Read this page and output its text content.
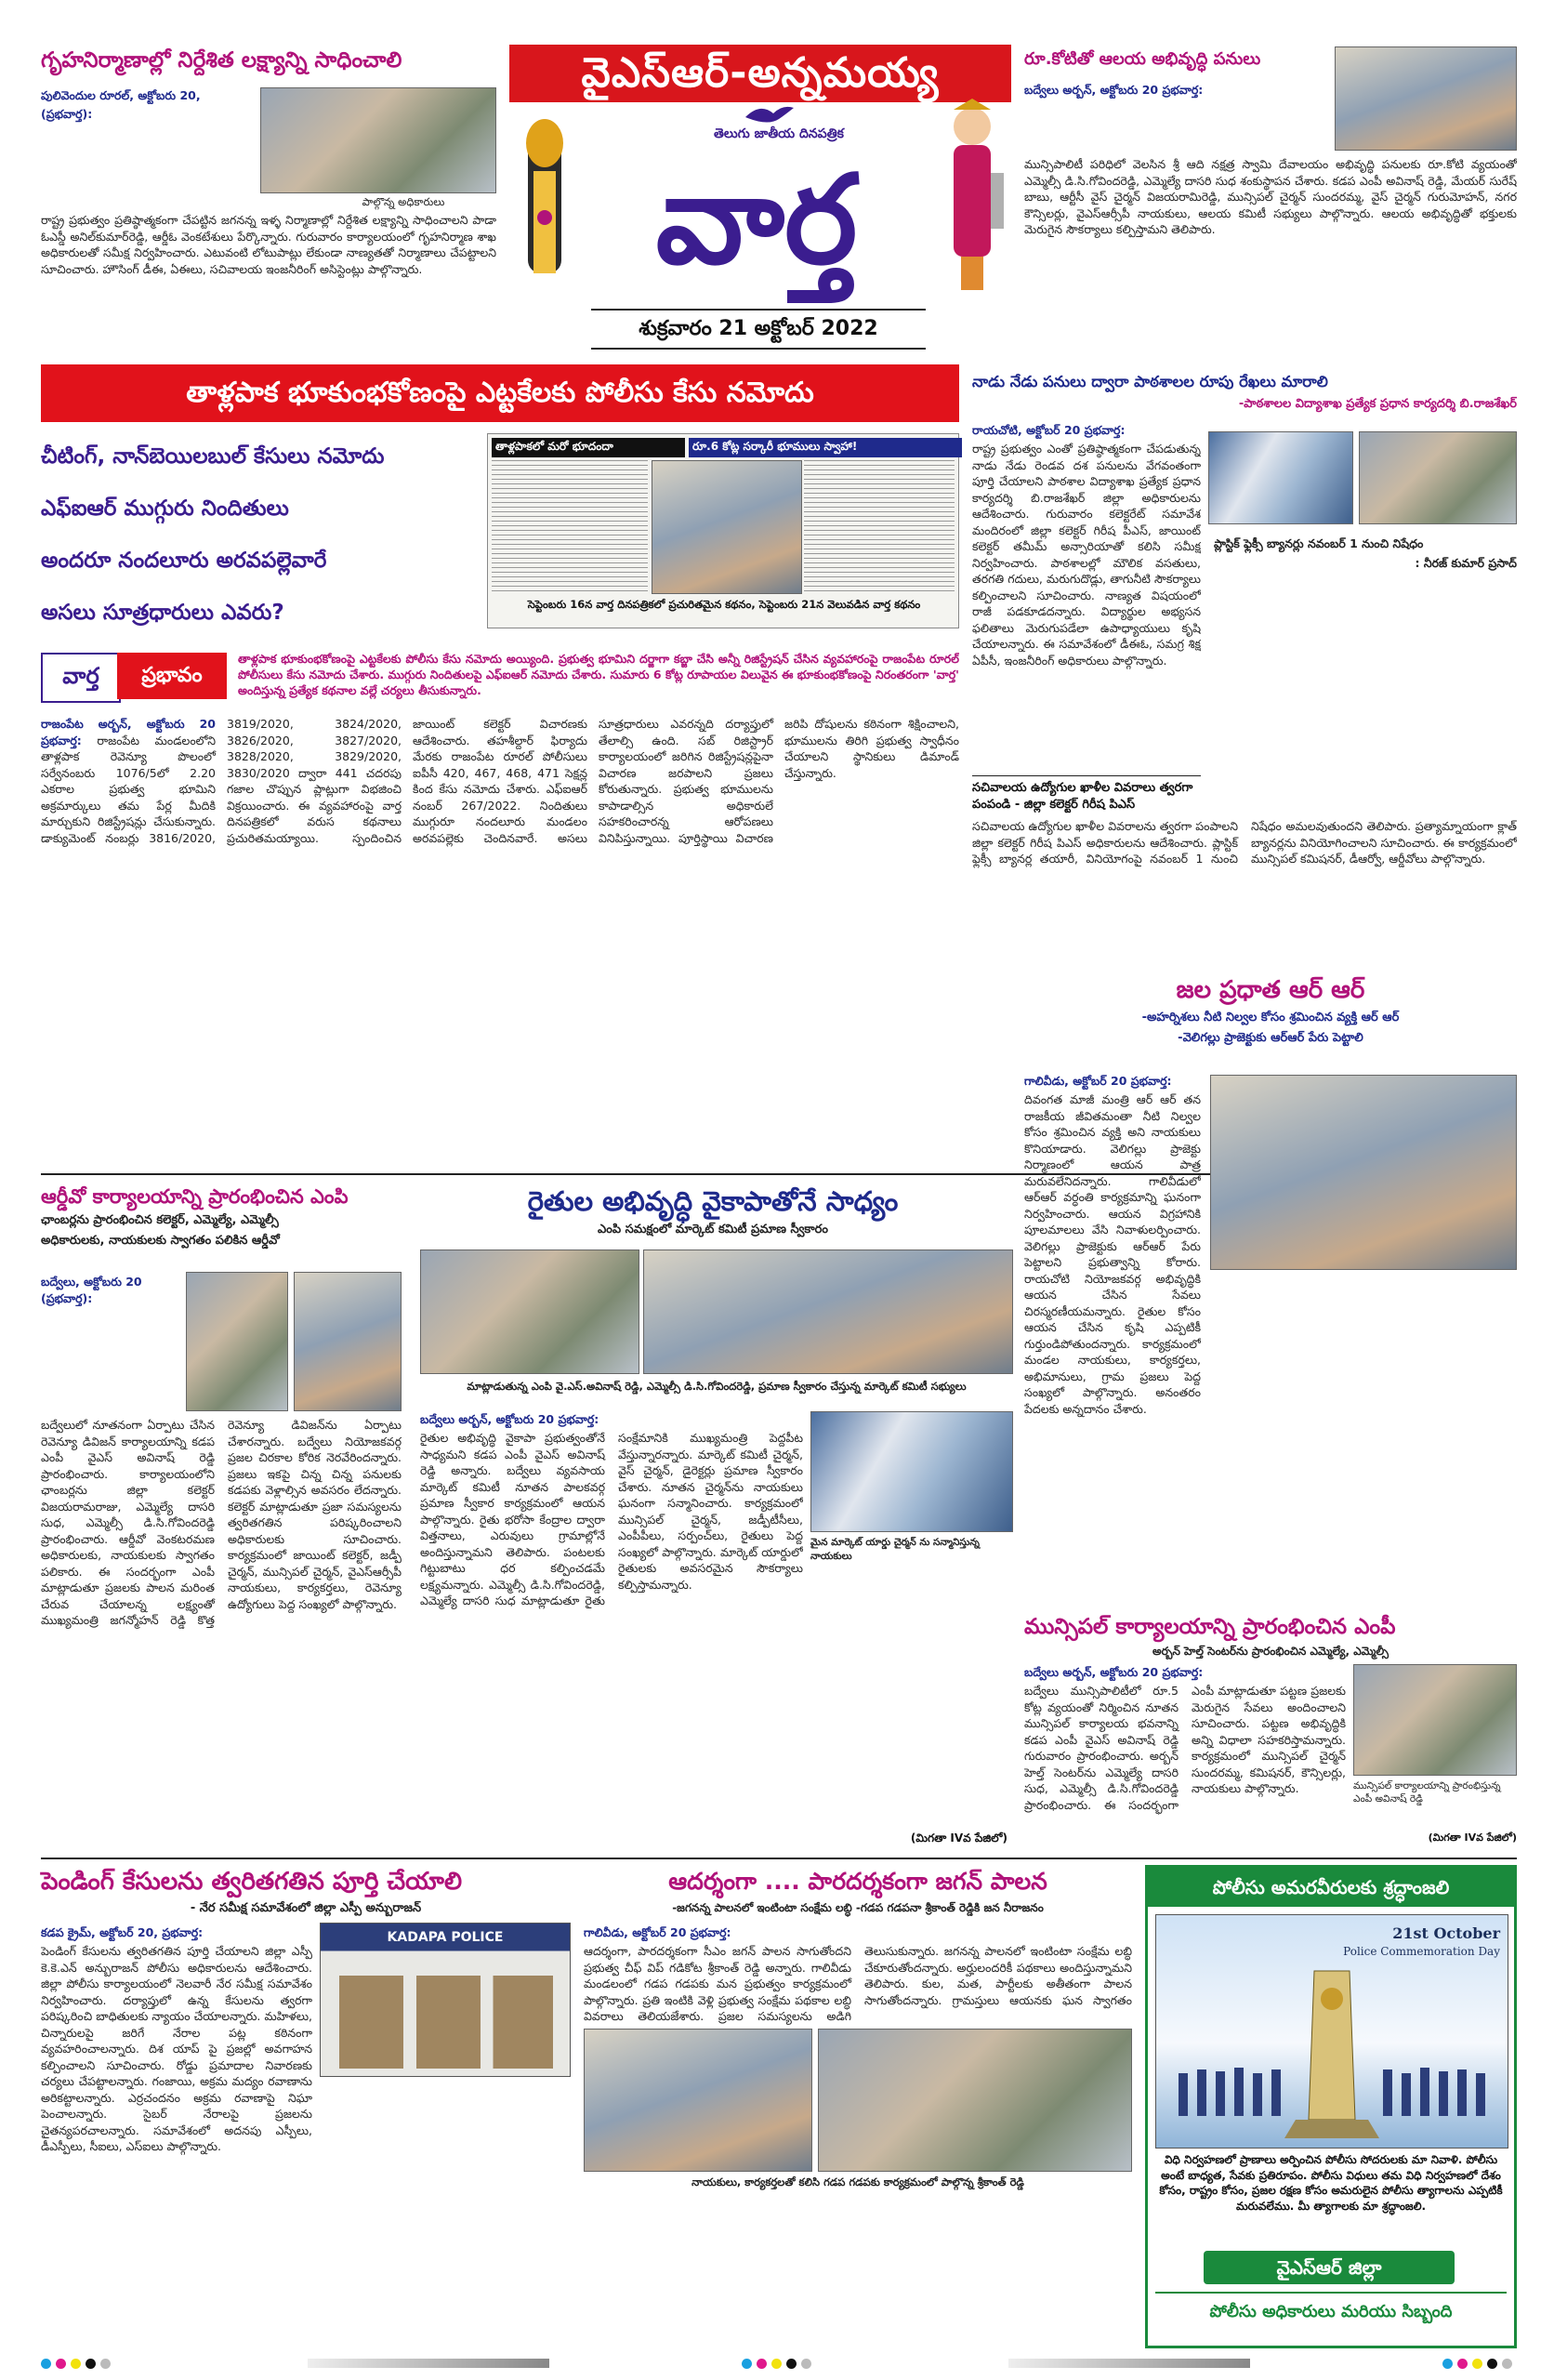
వైఎస్ఆర్-అన్నమయ్య
తెలుగు జాతీయ దినపత్రిక
వార్త
శుక్రవారం 21 అక్టోబర్ 2022
గృహనిర్మాణాల్లో నిర్దేశిత లక్ష్యాన్ని సాధించాలి
పులివెందుల రూరల్, అక్టోబరు 20,
పాల్గొన్న అధికారులు
(ప్రభవార్త):
రాష్ట్ర ప్రభుత్వం ప్రతిష్ఠాత్మకంగా చేపట్టిన జగనన్న ఇళ్ళ నిర్మాణాల్లో నిర్దేశిత లక్ష్యాన్ని సాధించాలని పాడా ఓఎస్డీ అనిల్‌కుమార్‌రెడ్డి, ఆర్డీఓ వెంకటేశులు పేర్కొన్నారు. గురువారం కార్యాలయంలో గృహనిర్మాణ శాఖ అధికారులతో సమీక్ష నిర్వహించారు. ఎటువంటి లోటుపాట్లు లేకుండా నాణ్యతతో నిర్మాణాలు చేపట్టాలని సూచించారు. హౌసింగ్ డీఈ, ఏఈలు, సచివాలయ ఇంజనీరింగ్ అసిస్టెంట్లు పాల్గొన్నారు.
రూ.కోటితో ఆలయ అభివృద్ధి పనులు
బద్వేలు అర్బన్, అక్టోబరు 20 ప్రభవార్త:
మున్సిపాలిటీ పరిధిలో వెలసిన శ్రీ ఆది నక్షత్ర స్వామి దేవాలయం అభివృద్ధి పనులకు రూ.కోటి వ్యయంతో ఎమ్మెల్సీ డి.సి.గోవిందరెడ్డి, ఎమ్మెల్యే దాసరి సుధ శంకుస్థాపన చేశారు. కడప ఎంపీ అవినాష్ రెడ్డి, మేయర్ సురేష్ బాబు, ఆర్టీసీ వైస్ చైర్మన్ విజయరామిరెడ్డి, మున్సిపల్ చైర్మన్ సుందరమ్మ, వైస్ చైర్మన్ గురుమోహన్, నగర కౌన్సిలర్లు, వైఎస్ఆర్సీపీ నాయకులు, ఆలయ కమిటీ సభ్యులు పాల్గొన్నారు. ఆలయ అభివృద్ధితో భక్తులకు మెరుగైన సౌకర్యాలు కల్పిస్తామని తెలిపారు.
తాళ్లపాక భూకుంభకోణంపై ఎట్టకేలకు పోలీసు కేసు నమోదు
చీటింగ్, నాన్‌బెయిలబుల్ కేసులు నమోదు
ఎఫ్ఐఆర్ ముగ్గురు నిందితులు
అందరూ నందలూరు అరవపల్లెవారే
అసలు సూత్రధారులు ఎవరు?
తాళ్లపాకలో మరో భూదందా	రూ.6 కోట్ల సర్కారీ భూములు స్వాహా!
సెప్టెంబరు 16న వార్త దినపత్రికలో ప్రచురితమైన కథనం, సెప్టెంబరు 21న వెలువడిన వార్త కథనం
వార్త	ప్రభావం
తాళ్లపాక భూకుంభకోణంపై ఎట్టకేలకు పోలీసు కేసు నమోదు అయ్యింది. ప్రభుత్వ భూమిని దర్జాగా కబ్జా చేసి అన్నీ రిజిస్ట్రేషన్ చేసిన వ్యవహారంపై రాజంపేట రూరల్ పోలీసులు కేసు నమోదు చేశారు. ముగ్గురు నిందితులపై ఎఫ్ఐఆర్ నమోదు చేశారు. సుమారు 6 కోట్ల రూపాయల విలువైన ఈ భూకుంభకోణంపై నిరంతరంగా 'వార్త' అందిస్తున్న ప్రత్యేక కథనాల వల్లే చర్యలు తీసుకున్నారు.
రాజంపేట అర్బన్, అక్టోబరు 20 ప్రభవార్త: రాజంపేట మండలంలోని తాళ్లపాక రెవెన్యూ పొలంలో సర్వేనంబరు 1076/5లో 2.20 ఎకరాల ప్రభుత్వ భూమిని అక్రమార్కులు తమ పేర్ల మీదికి మార్చుకుని రిజిస్ట్రేషన్లు చేసుకున్నారు. డాక్యుమెంట్ నంబర్లు 3816/2020, 3819/2020, 3824/2020, 3826/2020, 3827/2020, 3828/2020, 3829/2020, 3830/2020 ద్వారా 441 చదరపు గజాల చొప్పున ప్లాట్లుగా విభజించి విక్రయించారు. ఈ వ్యవహారంపై వార్త దినపత్రికలో వరుస కథనాలు ప్రచురితమయ్యాయి. స్పందించిన జాయింట్ కలెక్టర్ విచారణకు ఆదేశించారు. తహశీల్దార్ ఫిర్యాదు మేరకు రాజంపేట రూరల్ పోలీసులు ఐపీసీ 420, 467, 468, 471 సెక్షన్ల కింద కేసు నమోదు చేశారు. ఎఫ్ఐఆర్ నంబర్ 267/2022. నిందితులు ముగ్గురూ నందలూరు మండలం అరవపల్లెకు చెందినవారే. అసలు సూత్రధారులు ఎవరన్నది దర్యాప్తులో తేలాల్సి ఉంది. సబ్ రిజిస్ట్రార్ కార్యాలయంలో జరిగిన రిజిస్ట్రేషన్లపైనా విచారణ జరపాలని ప్రజలు కోరుతున్నారు. ప్రభుత్వ భూములను కాపాడాల్సిన అధికారులే సహకరించారన్న ఆరోపణలు వినిపిస్తున్నాయి. పూర్తిస్థాయి విచారణ జరిపి దోషులను కఠినంగా శిక్షించాలని, భూములను తిరిగి ప్రభుత్వ స్వాధీనం చేయాలని స్థానికులు డిమాండ్ చేస్తున్నారు.
నాడు నేడు పనులు ద్వారా పాఠశాలల రూపు రేఖలు మారాలి
-పాఠశాలల విద్యాశాఖ ప్రత్యేక ప్రధాన కార్యదర్శి బి.రాజశేఖర్
రాయచోటి, అక్టోబర్ 20 ప్రభవార్త:
రాష్ట్ర ప్రభుత్వం ఎంతో ప్రతిష్ఠాత్మకంగా చేపడుతున్న నాడు నేడు రెండవ దశ పనులను వేగవంతంగా పూర్తి చేయాలని పాఠశాల విద్యాశాఖ ప్రత్యేక ప్రధాన కార్యదర్శి బి.రాజశేఖర్ జిల్లా అధికారులను ఆదేశించారు. గురువారం కలెక్టరేట్ సమావేశ మందిరంలో జిల్లా కలెక్టర్ గిరీష పీఎస్, జాయింట్ కలెక్టర్ తమీమ్ అన్సారియాతో కలిసి సమీక్ష నిర్వహించారు. పాఠశాలల్లో మౌలిక వసతులు, తరగతి గదులు, మరుగుదొడ్లు, తాగునీటి సౌకర్యాలు కల్పించాలని సూచించారు. నాణ్యత విషయంలో రాజీ పడకూడదన్నారు. విద్యార్థుల అభ్యసన ఫలితాలు మెరుగుపడేలా ఉపాధ్యాయులు కృషి చేయాలన్నారు. ఈ సమావేశంలో డీఈఓ, సమగ్ర శిక్ష ఏపీసీ, ఇంజనీరింగ్ అధికారులు పాల్గొన్నారు.
ప్లాస్టిక్ ఫ్లెక్సీ బ్యానర్లు నవంబర్ 1 నుంచి నిషేధం
: నీరజ్ కుమార్ ప్రసాద్
సచివాలయ ఉద్యోగుల ఖాళీల వివరాలు త్వరగా పంపండి - జిల్లా కలెక్టర్ గిరీష పిఎస్
సచివాలయ ఉద్యోగుల ఖాళీల వివరాలను త్వరగా పంపాలని జిల్లా కలెక్టర్ గిరీష పిఎస్ అధికారులను ఆదేశించారు. ప్లాస్టిక్ ఫ్లెక్సీ బ్యానర్ల తయారీ, వినియోగంపై నవంబర్ 1 నుంచి నిషేధం అమలవుతుందని తెలిపారు. ప్రత్యామ్నాయంగా క్లాత్ బ్యానర్లను వినియోగించాలని సూచించారు. ఈ కార్యక్రమంలో మున్సిపల్ కమిషనర్, డీఆర్వో, ఆర్డీవోలు పాల్గొన్నారు.
జల ప్రధాత ఆర్ ఆర్
-అహర్నిశలు నీటి నిల్వల కోసం శ్రమించిన వ్యక్తి ఆర్ ఆర్
-వెలిగల్లు ప్రాజెక్టుకు ఆర్ఆర్ పేరు పెట్టాలి
గాలివీడు, అక్టోబర్ 20 ప్రభవార్త:
దివంగత మాజీ మంత్రి ఆర్ ఆర్ తన రాజకీయ జీవితమంతా నీటి నిల్వల కోసం శ్రమించిన వ్యక్తి అని నాయకులు కొనియాడారు. వెలిగల్లు ప్రాజెక్టు నిర్మాణంలో ఆయన పాత్ర మరువలేనిదన్నారు. గాలివీడులో ఆర్ఆర్ వర్ధంతి కార్యక్రమాన్ని ఘనంగా నిర్వహించారు. ఆయన విగ్రహానికి పూలమాలలు వేసి నివాళులర్పించారు. వెలిగల్లు ప్రాజెక్టుకు ఆర్ఆర్ పేరు పెట్టాలని ప్రభుత్వాన్ని కోరారు. రాయచోటి నియోజకవర్గ అభివృద్ధికి ఆయన చేసిన సేవలు చిరస్మరణీయమన్నారు. రైతుల కోసం ఆయన చేసిన కృషి ఎప్పటికీ గుర్తుండిపోతుందన్నారు. కార్యక్రమంలో మండల నాయకులు, కార్యకర్తలు, అభిమానులు, గ్రామ ప్రజలు పెద్ద సంఖ్యలో పాల్గొన్నారు. అనంతరం పేదలకు అన్నదానం చేశారు.
ఆర్డీవో కార్యాలయాన్ని ప్రారంభించిన ఎంపి
ఛాంబర్లను ప్రారంభించిన కలెక్టర్, ఎమ్మెల్యే, ఎమ్మెల్సీ
అధికారులకు, నాయకులకు స్వాగతం పలికిన ఆర్డీవో
బద్వేలు, అక్టోబరు 20
(ప్రభవార్త):
బద్వేలులో నూతనంగా ఏర్పాటు చేసిన రెవెన్యూ డివిజన్ కార్యాలయాన్ని కడప ఎంపీ వైఎస్ అవినాష్ రెడ్డి ప్రారంభించారు. కార్యాలయంలోని ఛాంబర్లను జిల్లా కలెక్టర్ విజయరామరాజు, ఎమ్మెల్యే దాసరి సుధ, ఎమ్మెల్సీ డి.సి.గోవిందరెడ్డి ప్రారంభించారు. ఆర్డీవో వెంకటరమణ అధికారులకు, నాయకులకు స్వాగతం పలికారు. ఈ సందర్భంగా ఎంపీ మాట్లాడుతూ ప్రజలకు పాలన మరింత చేరువ చేయాలన్న లక్ష్యంతో ముఖ్యమంత్రి జగన్మోహన్ రెడ్డి కొత్త రెవెన్యూ డివిజన్‌ను ఏర్పాటు చేశారన్నారు. బద్వేలు నియోజకవర్గ ప్రజల చిరకాల కోరిక నెరవేరిందన్నారు. ప్రజలు ఇకపై చిన్న చిన్న పనులకు కడపకు వెళ్లాల్సిన అవసరం లేదన్నారు. కలెక్టర్ మాట్లాడుతూ ప్రజా సమస్యలను త్వరితగతిన పరిష్కరించాలని అధికారులకు సూచించారు. కార్యక్రమంలో జాయింట్ కలెక్టర్, జడ్పీ చైర్మన్, మున్సిపల్ చైర్మన్, వైఎస్ఆర్సీపీ నాయకులు, కార్యకర్తలు, రెవెన్యూ ఉద్యోగులు పెద్ద సంఖ్యలో పాల్గొన్నారు.
రైతుల అభివృద్ధి వైకాపాతోనే సాధ్యం
ఎంపి సమక్షంలో మార్కెట్ కమిటీ ప్రమాణ స్వీకారం
మాట్లాడుతున్న ఎంపి వై.ఎస్.అవినాష్ రెడ్డి, ఎమ్మెల్సీ డి.సి.గోవిందరెడ్డి, ప్రమాణ స్వీకారం చేస్తున్న మార్కెట్ కమిటీ సభ్యులు
బద్వేలు అర్బన్, అక్టోబరు 20 ప్రభవార్త:
మైన మార్కెట్ యార్డు చైర్మన్ ను సన్మానిస్తున్న నాయకులు
రైతుల అభివృద్ధి వైకాపా ప్రభుత్వంతోనే సాధ్యమని కడప ఎంపీ వైఎస్ అవినాష్ రెడ్డి అన్నారు. బద్వేలు వ్యవసాయ మార్కెట్ కమిటీ నూతన పాలకవర్గ ప్రమాణ స్వీకార కార్యక్రమంలో ఆయన పాల్గొన్నారు. రైతు భరోసా కేంద్రాల ద్వారా విత్తనాలు, ఎరువులు గ్రామాల్లోనే అందిస్తున్నామని తెలిపారు. పంటలకు గిట్టుబాటు ధర కల్పించడమే లక్ష్యమన్నారు. ఎమ్మెల్సీ డి.సి.గోవిందరెడ్డి, ఎమ్మెల్యే దాసరి సుధ మాట్లాడుతూ రైతు సంక్షేమానికి ముఖ్యమంత్రి పెద్దపీట వేస్తున్నారన్నారు. మార్కెట్ కమిటీ చైర్మన్, వైస్ చైర్మన్, డైరెక్టర్లు ప్రమాణ స్వీకారం చేశారు. నూతన చైర్మన్‌ను నాయకులు ఘనంగా సన్మానించారు. కార్యక్రమంలో మున్సిపల్ చైర్మన్, జడ్పీటీసీలు, ఎంపీపీలు, సర్పంచ్‌లు, రైతులు పెద్ద సంఖ్యలో పాల్గొన్నారు. మార్కెట్ యార్డులో రైతులకు అవసరమైన సౌకర్యాలు కల్పిస్తామన్నారు.
(మిగతా IVవ పేజిలో)
మున్సిపల్ కార్యాలయాన్ని ప్రారంభించిన ఎంపీ
అర్బన్ హెల్త్ సెంటర్‌ను ప్రారంభించిన ఎమ్మెల్యే, ఎమ్మెల్సీ
బద్వేలు అర్బన్, అక్టోబరు 20 ప్రభవార్త:
బద్వేలు మున్సిపాలిటీలో రూ.5 కోట్ల వ్యయంతో నిర్మించిన నూతన మున్సిపల్ కార్యాలయ భవనాన్ని కడప ఎంపీ వైఎస్ అవినాష్ రెడ్డి గురువారం ప్రారంభించారు. అర్బన్ హెల్త్ సెంటర్‌ను ఎమ్మెల్యే దాసరి సుధ, ఎమ్మెల్సీ డి.సి.గోవిందరెడ్డి ప్రారంభించారు. ఈ సందర్భంగా ఎంపీ మాట్లాడుతూ పట్టణ ప్రజలకు మెరుగైన సేవలు అందించాలని సూచించారు. పట్టణ అభివృద్ధికి అన్ని విధాలా సహకరిస్తామన్నారు. కార్యక్రమంలో మున్సిపల్ చైర్మన్ సుందరమ్మ, కమిషనర్, కౌన్సిలర్లు, నాయకులు పాల్గొన్నారు.	మున్సిపల్ కార్యాలయాన్ని ప్రారంభిస్తున్న ఎంపీ అవినాష్ రెడ్డి
(మిగతా IVవ పేజిలో)
పెండింగ్ కేసులను త్వరితగతిన పూర్తి చేయాలి
- నేర సమీక్ష సమావేశంలో జిల్లా ఎస్పీ అన్బురాజన్
కడప క్రైమ్, అక్టోబర్ 20, ప్రభవార్త:	KADAPA POLICE
పెండింగ్ కేసులను త్వరితగతిన పూర్తి చేయాలని జిల్లా ఎస్పీ కె.కె.ఎన్ అన్బురాజన్ పోలీసు అధికారులను ఆదేశించారు. జిల్లా పోలీసు కార్యాలయంలో నెలవారీ నేర సమీక్ష సమావేశం నిర్వహించారు. దర్యాప్తులో ఉన్న కేసులను త్వరగా పరిష్కరించి బాధితులకు న్యాయం చేయాలన్నారు. మహిళలు, చిన్నారులపై జరిగే నేరాల పట్ల కఠినంగా వ్యవహరించాలన్నారు. దిశ యాప్ పై ప్రజల్లో అవగాహన కల్పించాలని సూచించారు. రోడ్డు ప్రమాదాల నివారణకు చర్యలు చేపట్టాలన్నారు. గంజాయి, అక్రమ మద్యం రవాణాను అరికట్టాలన్నారు. ఎర్రచందనం అక్రమ రవాణాపై నిఘా పెంచాలన్నారు. సైబర్ నేరాలపై ప్రజలను చైతన్యపరచాలన్నారు. సమావేశంలో అదనపు ఎస్పీలు, డీఎస్పీలు, సీఐలు, ఎస్ఐలు పాల్గొన్నారు.
ఆదర్శంగా .... పారదర్శకంగా జగన్ పాలన
-జగనన్న పాలనలో ఇంటింటా సంక్షేమ లబ్ధి -గడప గడపనా శ్రీకాంత్ రెడ్డికి జన నీరాజనం
గాలివీడు, అక్టోబర్ 20 ప్రభవార్త:
నాయకులు, కార్యకర్తలతో కలిసి గడప గడపకు కార్యక్రమంలో పాల్గొన్న శ్రీకాంత్ రెడ్డి
ఆదర్శంగా, పారదర్శకంగా సీఎం జగన్ పాలన సాగుతోందని ప్రభుత్వ చీఫ్ విప్ గడికోట శ్రీకాంత్ రెడ్డి అన్నారు. గాలివీడు మండలంలో గడప గడపకు మన ప్రభుత్వం కార్యక్రమంలో పాల్గొన్నారు. ప్రతి ఇంటికి వెళ్లి ప్రభుత్వ సంక్షేమ పథకాల లబ్ధి వివరాలు తెలియజేశారు. ప్రజల సమస్యలను అడిగి తెలుసుకున్నారు. జగనన్న పాలనలో ఇంటింటా సంక్షేమ లబ్ధి చేకూరుతోందన్నారు. అర్హులందరికీ పథకాలు అందిస్తున్నామని తెలిపారు. కుల, మత, పార్టీలకు అతీతంగా పాలన సాగుతోందన్నారు. గ్రామస్తులు ఆయనకు ఘన స్వాగతం
పోలీసు అమరవీరులకు శ్రద్ధాంజలి
21st October
Police Commemoration Day
విధి నిర్వహణలో ప్రాణాలు అర్పించిన పోలీసు సోదరులకు మా నివాళి. పోలీసు అంటే బాధ్యత, సేవకు ప్రతిరూపం. పోలీసు విధులు తమ విధి నిర్వహణలో దేశం కోసం, రాష్ట్రం కోసం, ప్రజల రక్షణ కోసం అమరులైన పోలీసు త్యాగాలను ఎప్పటికీ మరువలేము. మీ త్యాగాలకు మా శ్రద్ధాంజలి.
వైఎస్ఆర్ జిల్లా
పోలీసు అధికారులు మరియు సిబ్బంది
